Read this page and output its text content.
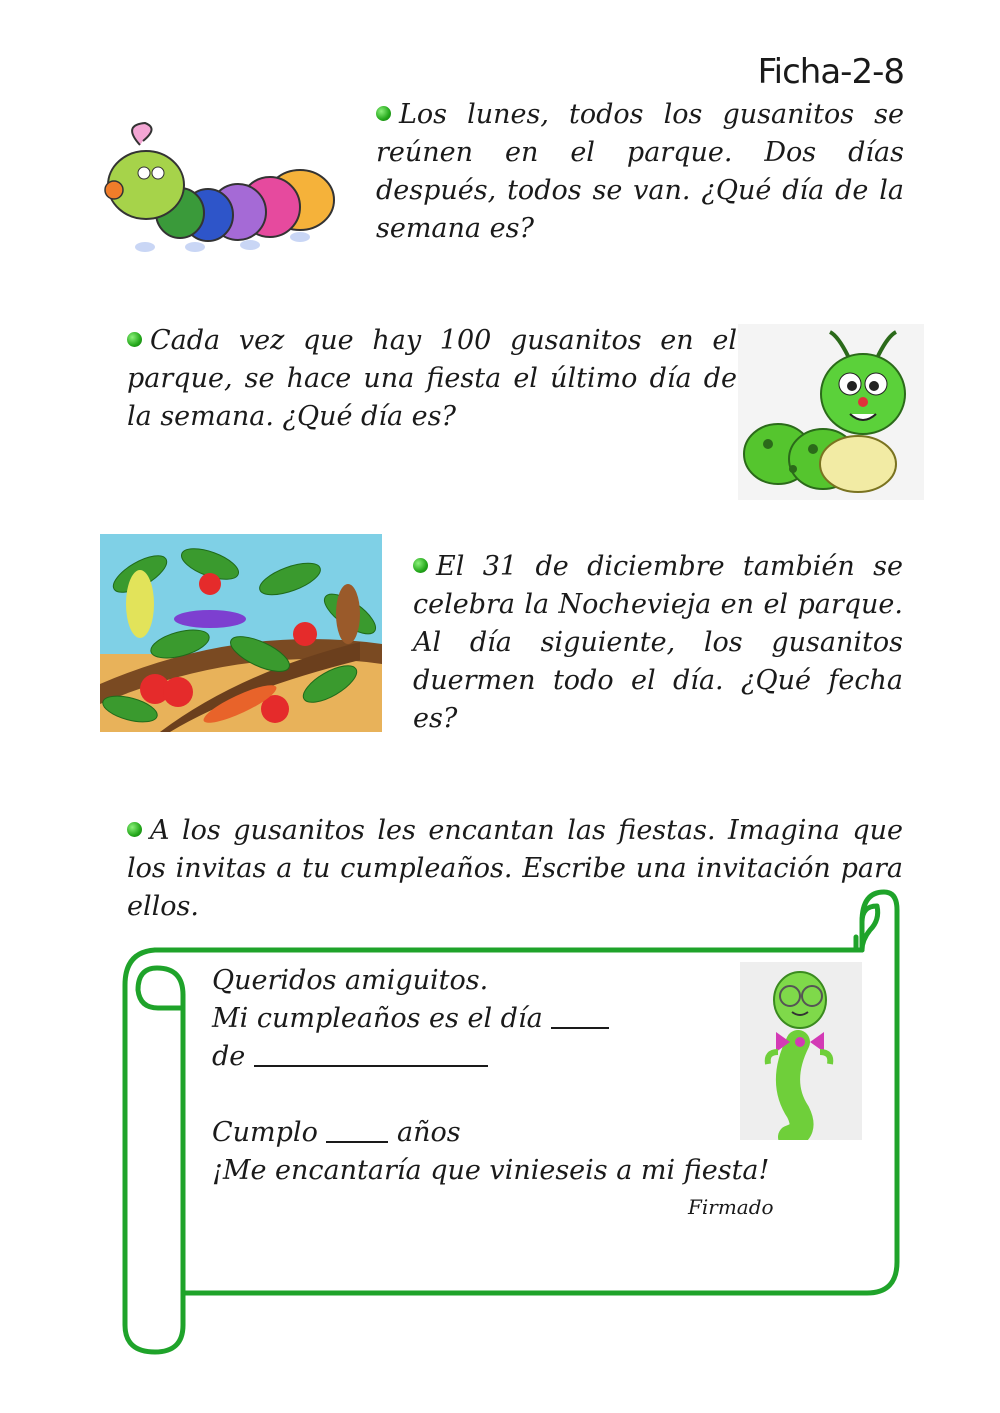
Ficha-2-8
Los lunes, todos los gusanitos se reúnen en el parque. Dos días después, todos se van. ¿Qué día de la semana es?
Cada vez que hay 100 gusanitos en el parque, se hace una fiesta el último día de la semana. ¿Qué día es?
El 31 de diciembre también se celebra la Nochevieja en el parque. Al día siguiente, los gusanitos duermen todo el día. ¿Qué fecha es?
A los gusanitos les encantan las fiestas. Imagina que los invitas a tu cumpleaños. Escribe una invitación para ellos.
Queridos amiguitos.
Mi cumpleaños es el día
de
Cumplo	años
¡Me encantaría que vinieseis a mi fiesta!
Firmado
